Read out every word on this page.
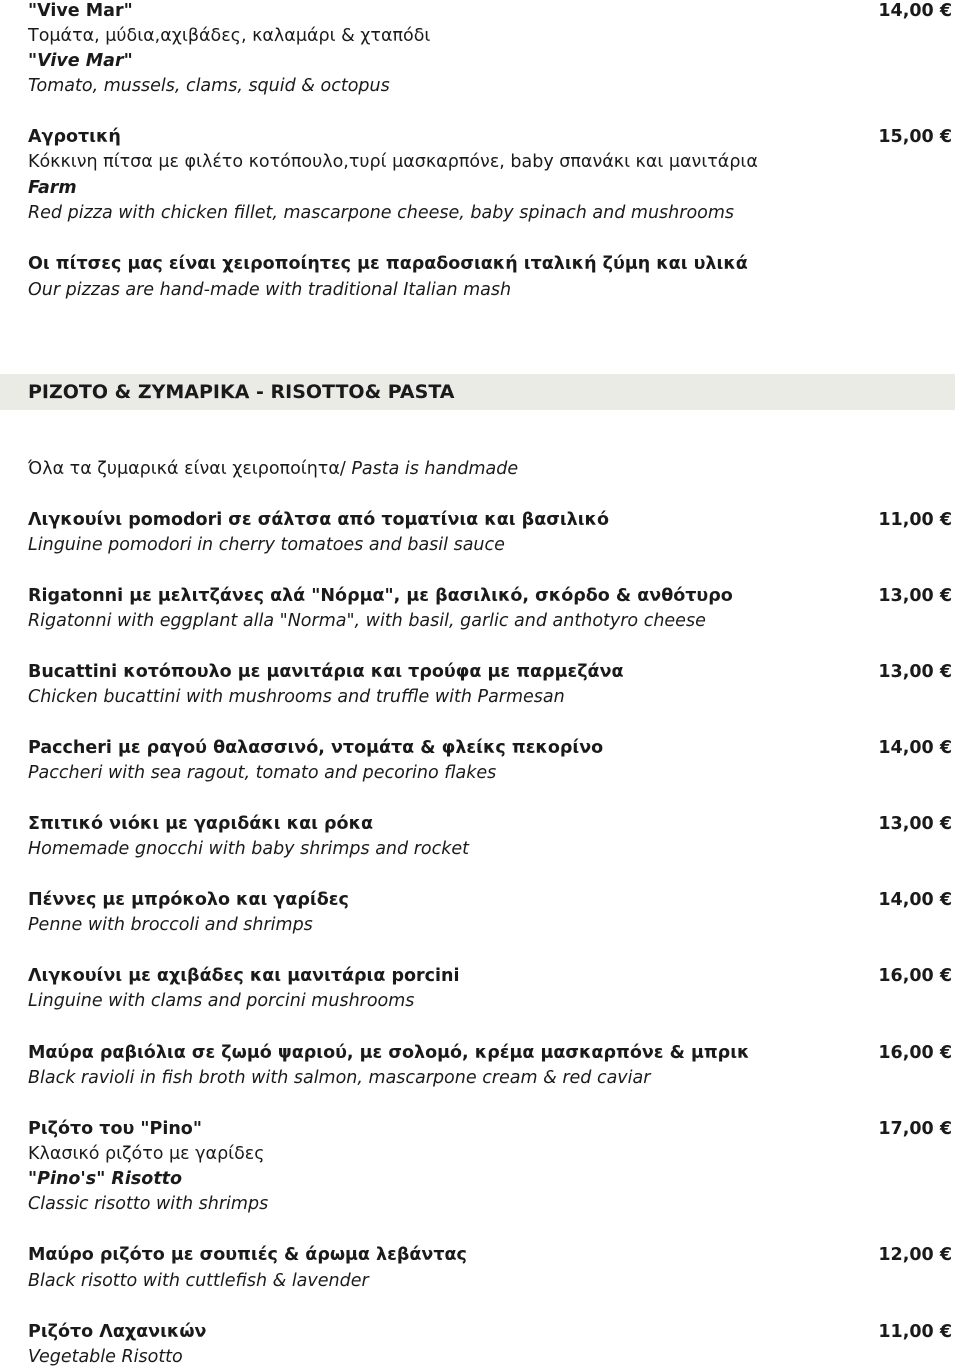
"Vive Mar"	14,00 €
Τομάτα, μύδια,αχιβάδες, καλαμάρι & χταπόδι
"Vive Mar"
Tomato, mussels, clams, squid & octopus
Αγροτική	15,00 €
Κόκκινη πίτσα με φιλέτο κοτόπουλο,τυρί μασκαρπόνε, baby σπανάκι και μανιτάρια
Farm
Red pizza with chicken fillet, mascarpone cheese, baby spinach and mushrooms
Οι πίτσες μας είναι χειροποίητες με παραδοσιακή ιταλική ζύμη και υλικά
Our pizzas are hand-made with traditional Italian mash
ΡΙΖΟΤΟ & ΖΥΜΑΡΙΚΑ - RISOTTO& PASTA
Όλα τα ζυμαρικά είναι χειροποίητα/ Pasta is handmade
Λιγκουίνι pomodori σε σάλτσα από τοματίνια και βασιλικό	11,00 €
Linguine pomodori in cherry tomatoes and basil sauce
Rigatonni με μελιτζάνες αλά "Νόρμα", με βασιλικό, σκόρδο & ανθότυρο	13,00 €
Rigatonni with eggplant alla "Norma", with basil, garlic and anthotyro cheese
Bucattini κοτόπουλο με μανιτάρια και τρούφα με παρμεζάνα	13,00 €
Chicken bucattini with mushrooms and truffle with Parmesan
Paccheri με ραγού θαλασσινό, ντομάτα & φλείκς πεκορίνο	14,00 €
Paccheri with sea ragout, tomato and pecorino flakes
Σπιτικό νιόκι με γαριδάκι και ρόκα	13,00 €
Homemade gnocchi with baby shrimps and rocket
Πέννες με μπρόκολο και γαρίδες	14,00 €
Penne with broccoli and shrimps
Λιγκουίνι με αχιβάδες και μανιτάρια porcini	16,00 €
Linguine with clams and porcini mushrooms
Μαύρα ραβιόλια σε ζωμό ψαριού, με σολομό, κρέμα μασκαρπόνε & μπρικ	16,00 €
Black ravioli in fish broth with salmon, mascarpone cream & red caviar
Ριζότο του "Pino"	17,00 €
Κλασικό ριζότο με γαρίδες
"Pino's" Risotto
Classic risotto with shrimps
Μαύρο ριζότο με σουπιές & άρωμα λεβάντας	12,00 €
Black risotto with cuttlefish & lavender
Ριζότο Λαχανικών	11,00 €
Vegetable Risotto
